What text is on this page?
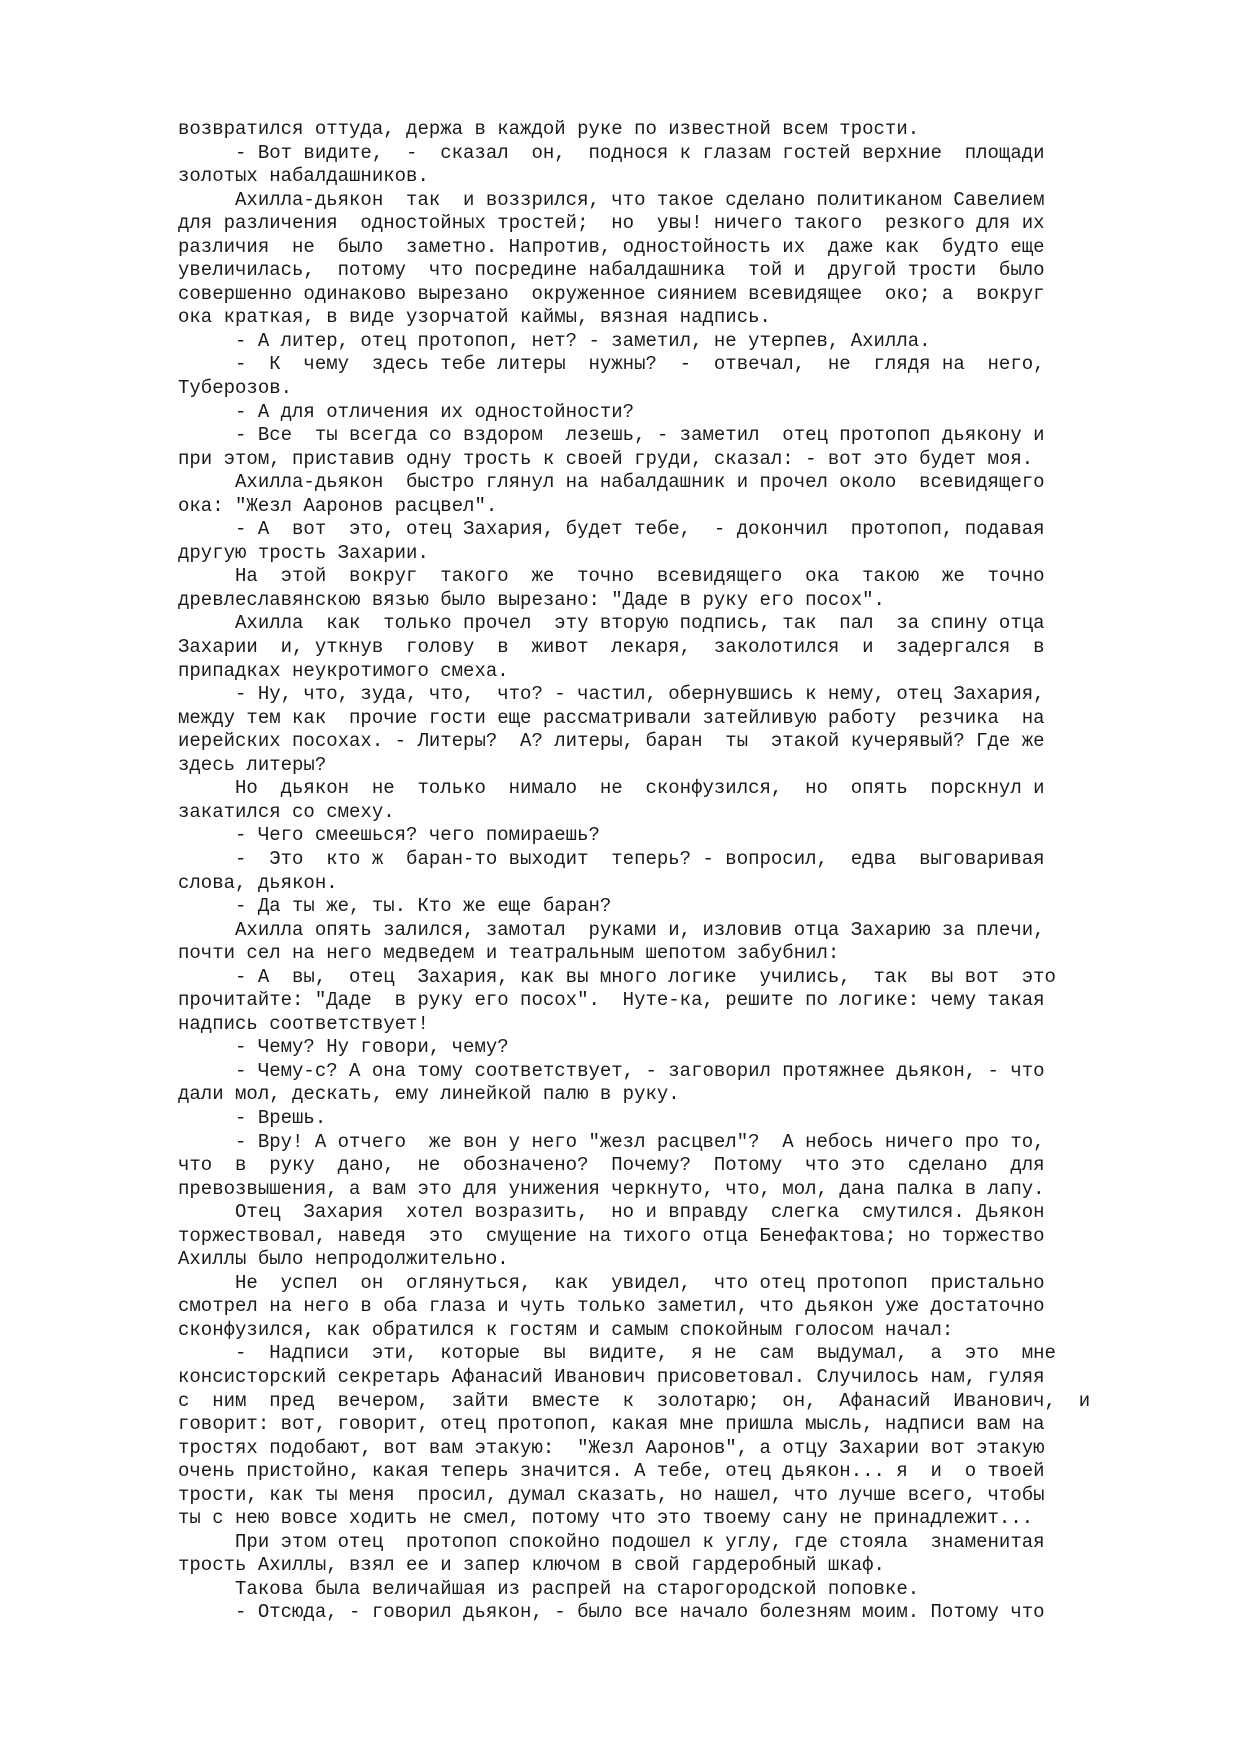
возвратился оттуда, держа в каждой руке по известной всем трости.
- Вот видите,  -  сказал  он,  поднося к глазам гостей верхние  площади
золотых набалдашников.
Ахилла-дьякон  так  и воззрился, что такое сделано политиканом Савелием
для различения  одностойных тростей;  но  увы! ничего такого  резкого для их
различия  не  было  заметно. Напротив, одностойность их  даже как  будто еще
увеличилась,  потому  что посредине набалдашника  той и  другой трости  было
совершенно одинаково вырезано  окруженное сиянием всевидящее  око; а  вокруг
ока краткая, в виде узорчатой каймы, вязная надпись.
- А литер, отец протопоп, нет? - заметил, не утерпев, Ахилла.
-  К  чему  здесь тебе литеры  нужны?  -  отвечал,  не  глядя на  него,
Туберозов.
- А для отличения их одностойности?
- Все  ты всегда со вздором  лезешь, - заметил  отец протопоп дьякону и
при этом, приставив одну трость к своей груди, сказал: - вот это будет моя.
Ахилла-дьякон  быстро глянул на набалдашник и прочел около  всевидящего
ока: "Жезл Ааронов расцвел".
- А  вот  это, отец Захария, будет тебе,  - докончил  протопоп, подавая
другую трость Захарии.
На  этой  вокруг  такого  же  точно  всевидящего  ока  такою  же  точно
древлеславянскою вязью было вырезано: "Даде в руку его посох".
Ахилла  как  только прочел  эту вторую подпись, так  пал  за спину отца
Захарии  и, уткнув  голову  в  живот  лекаря,  заколотился  и  задергался  в
припадках неукротимого смеха.
- Ну, что, зуда, что,  что? - частил, обернувшись к нему, отец Захария,
между тем как  прочие гости еще рассматривали затейливую работу  резчика  на
иерейских посохах. - Литеры?  А? литеры, баран  ты  этакой кучерявый? Где же
здесь литеры?
Но  дьякон  не  только  нимало  не  сконфузился,  но  опять  порскнул и
закатился со смеху.
- Чего смеешься? чего помираешь?
-  Это  кто ж  баран-то выходит  теперь? - вопросил,  едва  выговаривая
слова, дьякон.
- Да ты же, ты. Кто же еще баран?
Ахилла опять залился, замотал  руками и, изловив отца Захарию за плечи,
почти сел на него медведем и театральным шепотом забубнил:
- А  вы,  отец  Захария, как вы много логике  учились,  так  вы вот  это
прочитайте: "Даде  в руку его посох".  Нуте-ка, решите по логике: чему такая
надпись соответствует!
- Чему? Ну говори, чему?
- Чему-с? А она тому соответствует, - заговорил протяжнее дьякон, - что
дали мол, дескать, ему линейкой палю в руку.
- Врешь.
- Вру! А отчего  же вон у него "жезл расцвел"?  А небось ничего про то,
что  в  руку  дано,  не  обозначено?  Почему?  Потому  что это  сделано  для
превозвышения, а вам это для унижения черкнуто, что, мол, дана палка в лапу.
Отец  Захария  хотел возразить,  но и вправду  слегка  смутился. Дьякон
торжествовал, наведя  это  смущение на тихого отца Бенефактова; но торжество
Ахиллы было непродолжительно.
Не  успел  он  оглянуться,  как  увидел,  что отец протопоп  пристально
смотрел на него в оба глаза и чуть только заметил, что дьякон уже достаточно
сконфузился, как обратился к гостям и самым спокойным голосом начал:
-  Надписи  эти,  которые  вы  видите,  я не  сам  выдумал,  а  это  мне
консисторский секретарь Афанасий Иванович присоветовал. Случилось нам, гуляя
с  ним  пред  вечером,  зайти  вместе  к  золотарю;  он,  Афанасий  Иванович,  и
говорит: вот, говорит, отец протопоп, какая мне пришла мысль, надписи вам на
тростях подобают, вот вам этакую:  "Жезл Ааронов", а отцу Захарии вот этакую
очень пристойно, какая теперь значится. А тебе, отец дьякон... я  и  о твоей
трости, как ты меня  просил, думал сказать, но нашел, что лучше всего, чтобы
ты с нею вовсе ходить не смел, потому что это твоему сану не принадлежит...
При этом отец  протопоп спокойно подошел к углу, где стояла  знаменитая
трость Ахиллы, взял ее и запер ключом в свой гардеробный шкаф.
Такова была величайшая из распрей на старогородской поповке.
- Отсюда, - говорил дьякон, - было все начало болезням моим. Потому что
